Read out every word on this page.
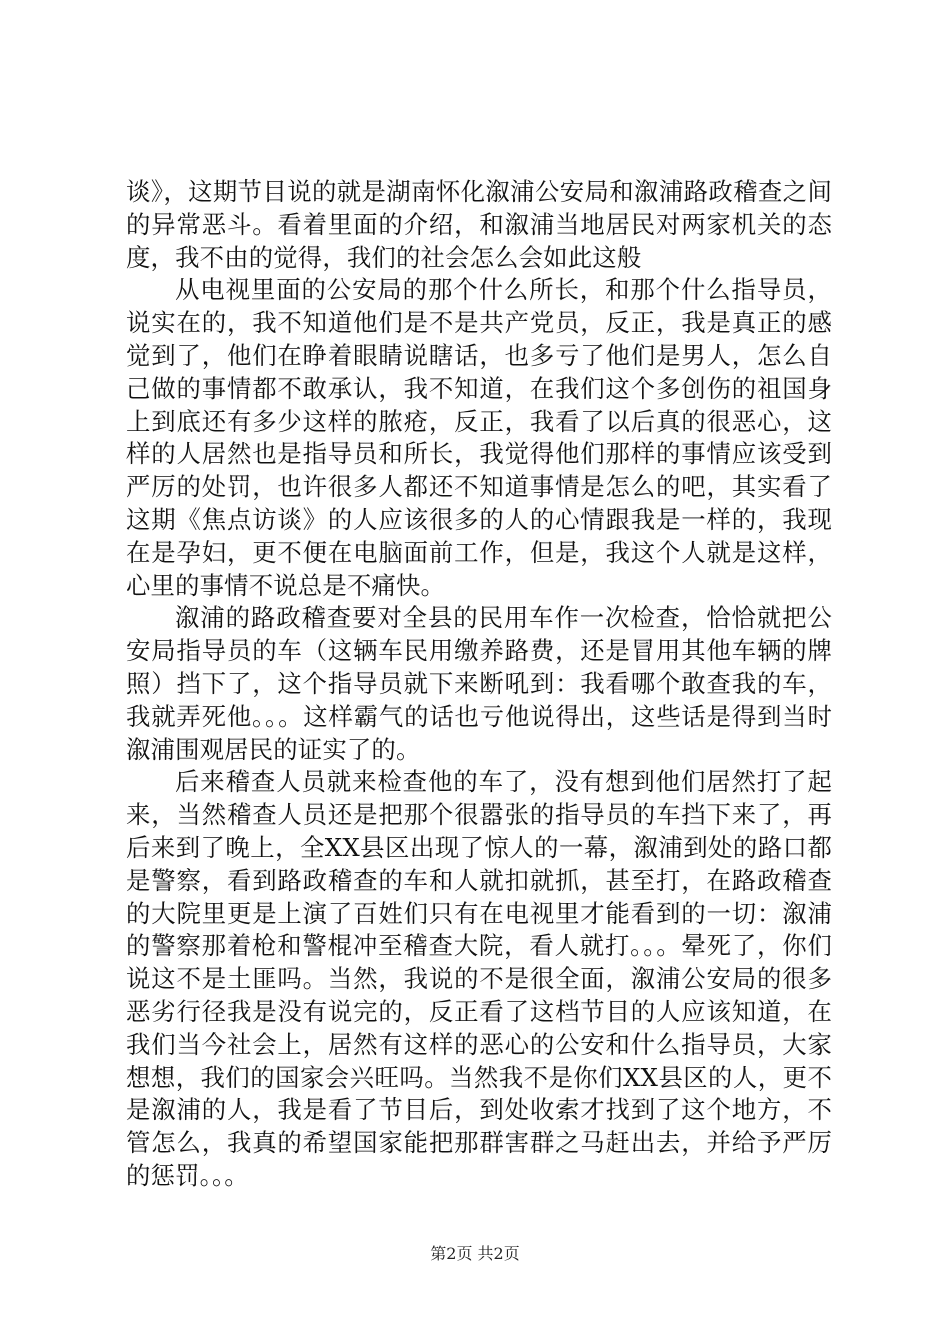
谈》，这期节目说的就是湖南怀化溆浦公安局和溆浦路政稽查之间的异常恶斗。看着里面的介绍，和溆浦当地居民对两家机关的态度，我不由的觉得，我们的社会怎么会如此这般

从电视里面的公安局的那个什么所长，和那个什么指导员，说实在的，我不知道他们是不是共产党员，反正，我是真正的感觉到了，他们在睁着眼睛说瞎话，也多亏了他们是男人，怎么自己做的事情都不敢承认，我不知道，在我们这个多创伤的祖国身上到底还有多少这样的脓疮，反正，我看了以后真的很恶心，这样的人居然也是指导员和所长，我觉得他们那样的事情应该受到严厉的处罚，也许很多人都还不知道事情是怎么的吧，其实看了这期《焦点访谈》的人应该很多的人的心情跟我是一样的，我现在是孕妇，更不便在电脑面前工作，但是，我这个人就是这样，心里的事情不说总是不痛快。

溆浦的路政稽查要对全县的民用车作一次检查，恰恰就把公安局指导员的车（这辆车民用缴养路费，还是冒用其他车辆的牌照）挡下了，这个指导员就下来断吼到：我看哪个敢查我的车，我就弄死他。。。这样霸气的话也亏他说得出，这些话是得到当时溆浦围观居民的证实了的。

后来稽查人员就来检查他的车了，没有想到他们居然打了起来，当然稽查人员还是把那个很嚣张的指导员的车挡下来了，再后来到了晚上，全XX县区出现了惊人的一幕，溆浦到处的路口都是警察，看到路政稽查的车和人就扣就抓，甚至打，在路政稽查的大院里更是上演了百姓们只有在电视里才能看到的一切：溆浦的警察那着枪和警棍冲至稽查大院，看人就打。。。晕死了，你们说这不是土匪吗。当然，我说的不是很全面，溆浦公安局的很多恶劣行径我是没有说完的，反正看了这档节目的人应该知道，在我们当今社会上，居然有这样的恶心的公安和什么指导员，大家想想，我们的国家会兴旺吗。当然我不是你们XX县区的人，更不是溆浦的人，我是看了节目后，到处收索才找到了这个地方，不管怎么，我真的希望国家能把那群害群之马赶出去，并给予严厉的惩罚。。。

第2页 共2页
